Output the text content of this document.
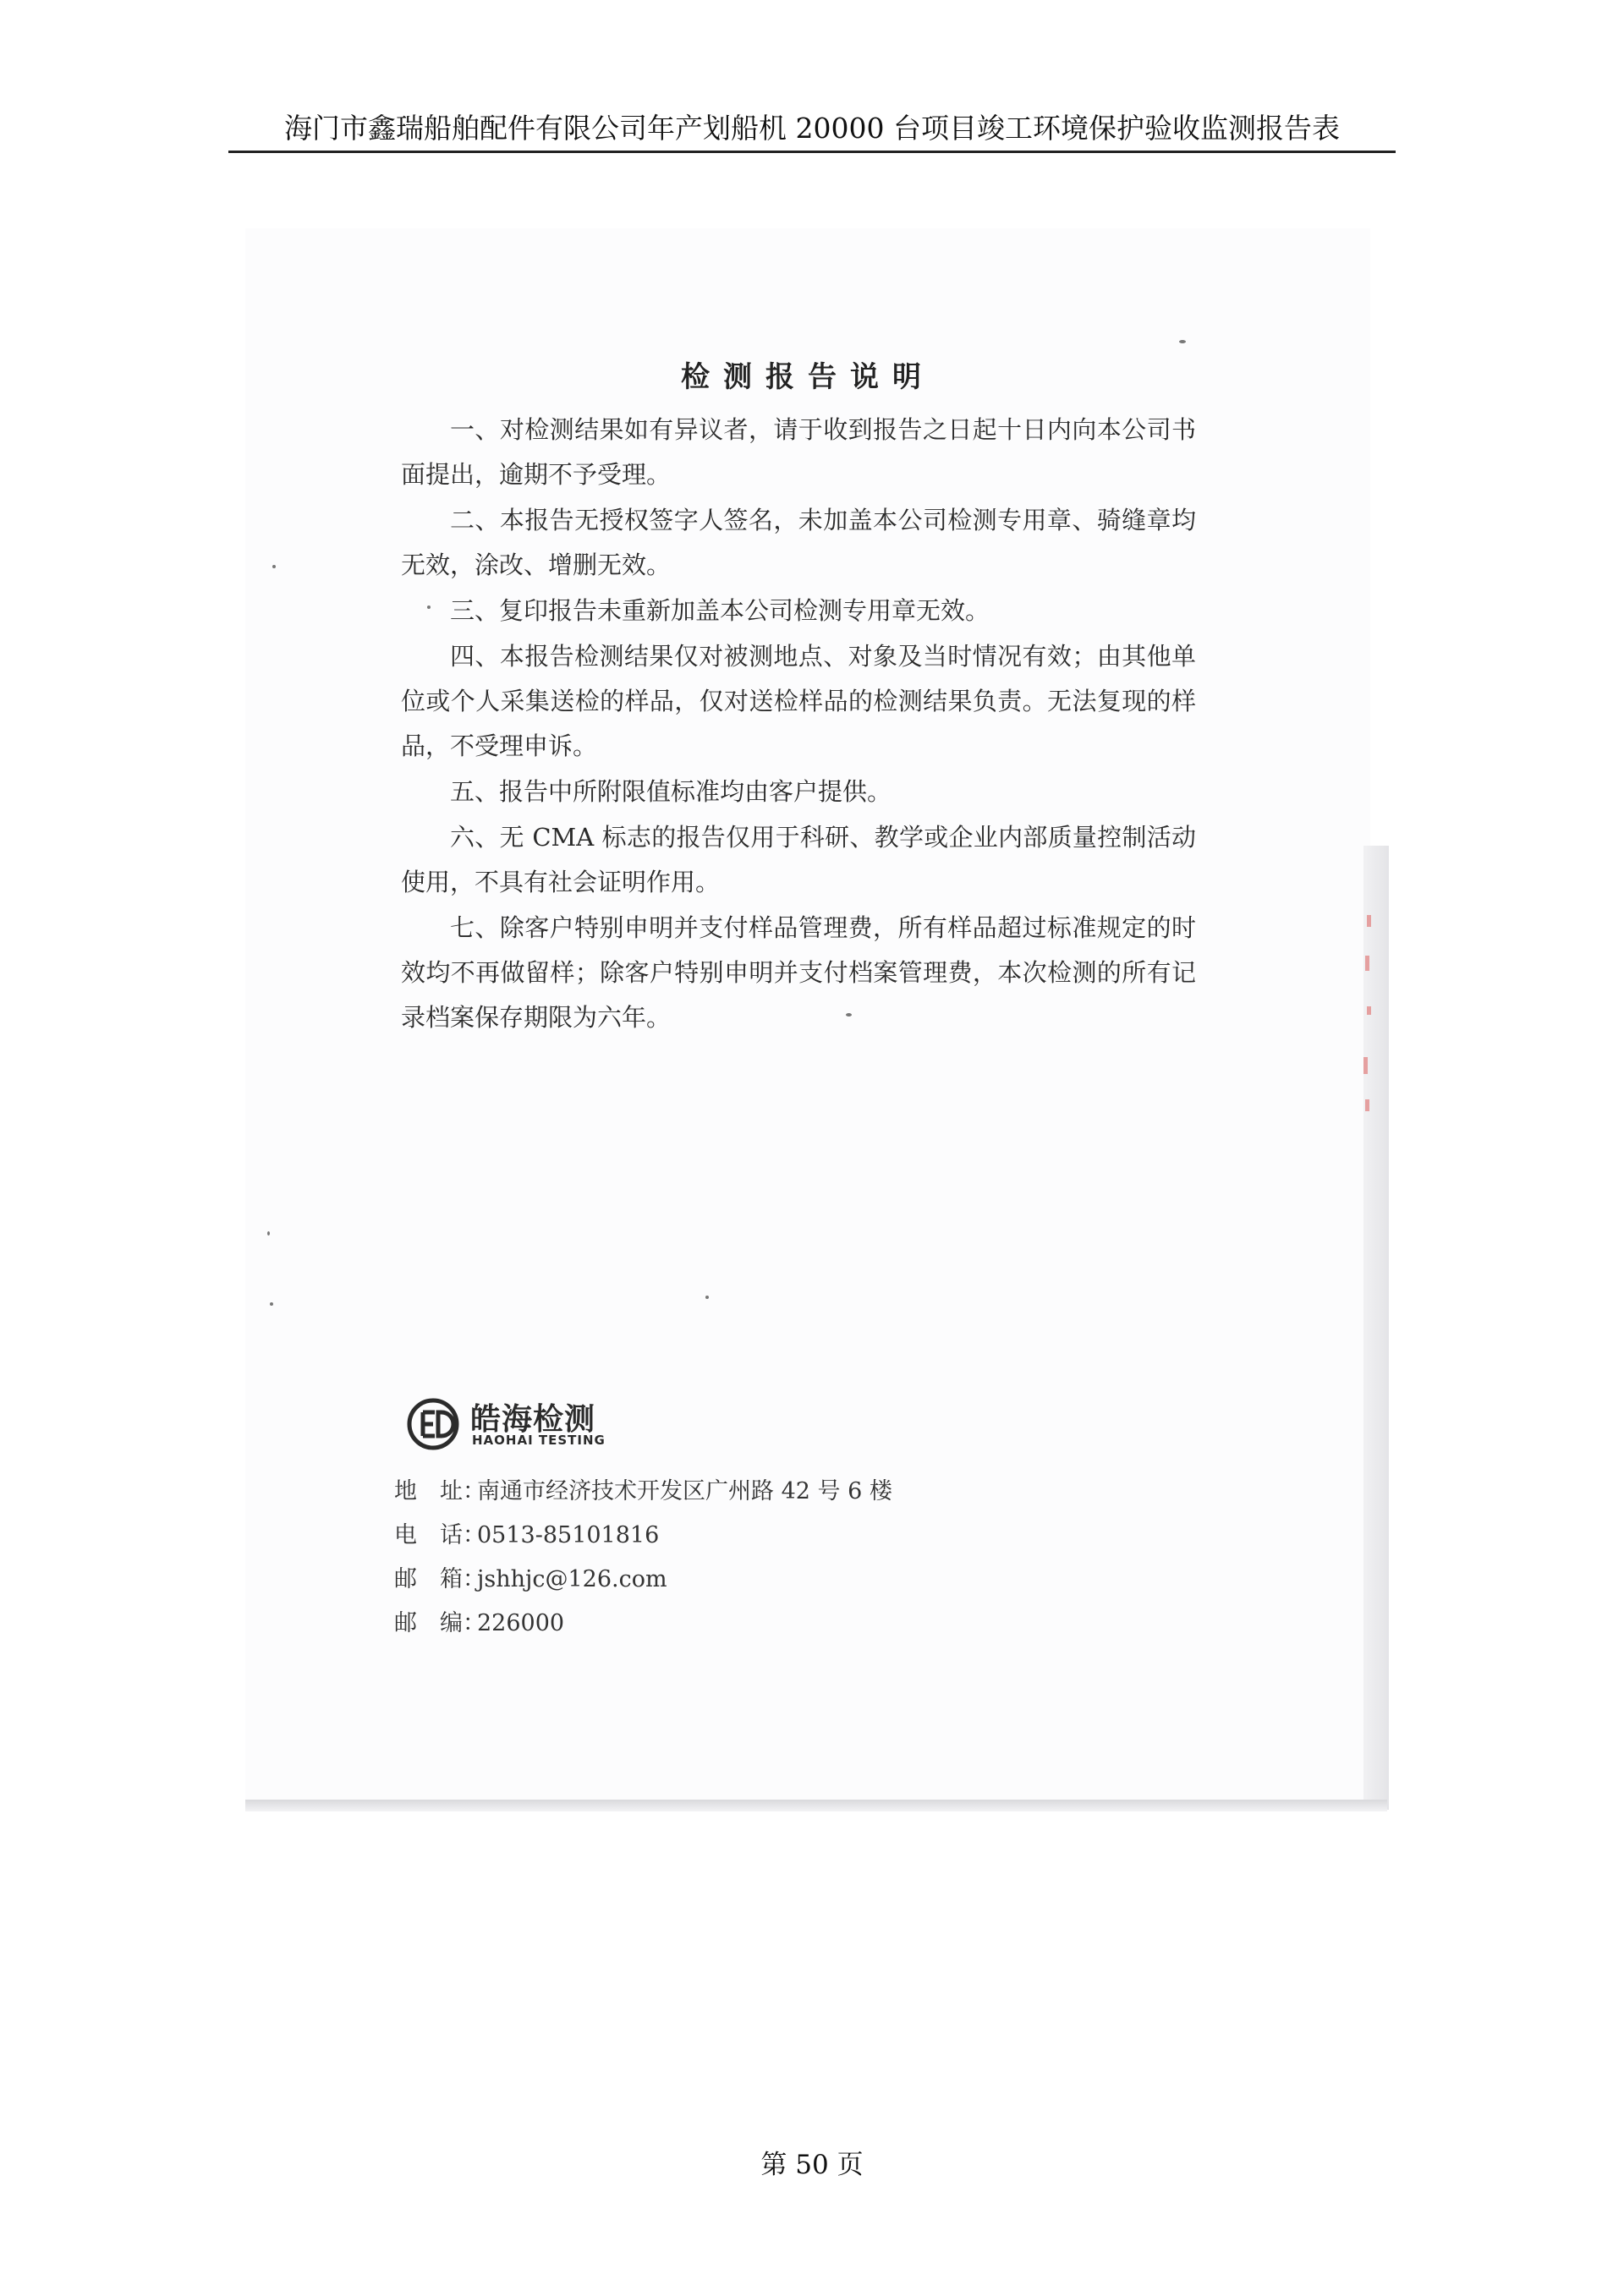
海门市鑫瑞船舶配件有限公司年产划船机 20000 台项目竣工环境保护验收监测报告表
检测报告说明

一、对检测结果如有异议者，请于收到报告之日起十日内向本公司书面提出，逾期不予受理。

二、本报告无授权签字人签名，未加盖本公司检测专用章、骑缝章均无效，涂改、增删无效。

三、复印报告未重新加盖本公司检测专用章无效。

四、本报告检测结果仅对被测地点、对象及当时情况有效；由其他单位或个人采集送检的样品，仅对送检样品的检测结果负责。无法复现的样品，不受理申诉。

五、报告中所附限值标准均由客户提供。

六、无 CMA 标志的报告仅用于科研、教学或企业内部质量控制活动使用，不具有社会证明作用。

七、除客户特别申明并支付样品管理费，所有样品超过标准规定的时效均不再做留样；除客户特别申明并支付档案管理费，本次检测的所有记录档案保存期限为六年。

皓海检测
HAOHAI TESTING
地　址：
南通市经济技术开发区广州路 42 号 6 楼
电　话：
0513-85101816
邮　箱：
jshhjc@126.com
邮　编：
226000
第 50 页
